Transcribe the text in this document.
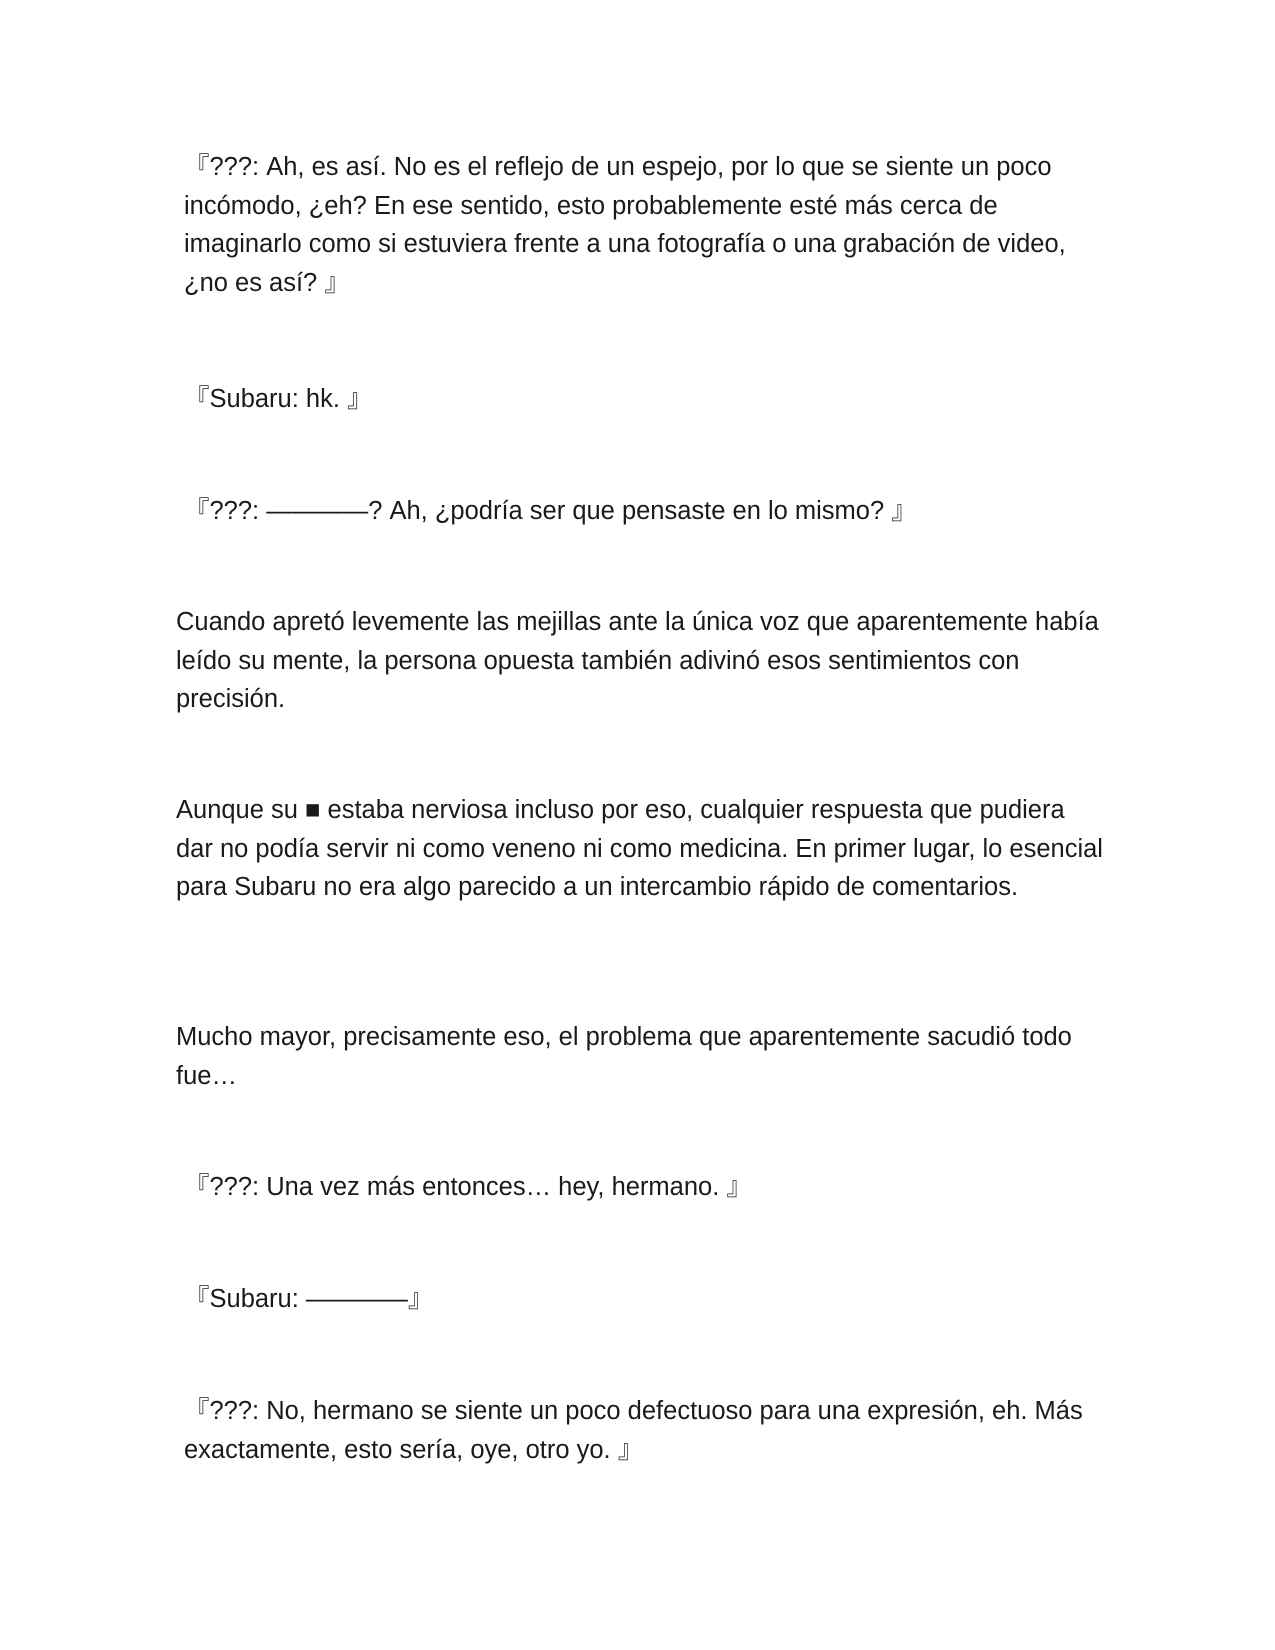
『???: Ah, es así. No es el reflejo de un espejo, por lo que se siente un poco incómodo, ¿eh? En ese sentido, esto probablemente esté más cerca de imaginarlo como si estuviera frente a una fotografía o una grabación de video, ¿no es así? 』

『Subaru: hk. 』

『???: ————? Ah, ¿podría ser que pensaste en lo mismo? 』

Cuando apretó levemente las mejillas ante la única voz que aparentemente había leído su mente, la persona opuesta también adivinó esos sentimientos con precisión.

Aunque su ■ estaba nerviosa incluso por eso, cualquier respuesta que pudiera dar no podía servir ni como veneno ni como medicina. En primer lugar, lo esencial para Subaru no era algo parecido a un intercambio rápido de comentarios.

Mucho mayor, precisamente eso, el problema que aparentemente sacudió todo fue…

『???: Una vez más entonces… hey, hermano. 』

『Subaru: ————』

『???: No, hermano se siente un poco defectuoso para una expresión, eh. Más exactamente, esto sería, oye, otro yo. 』
